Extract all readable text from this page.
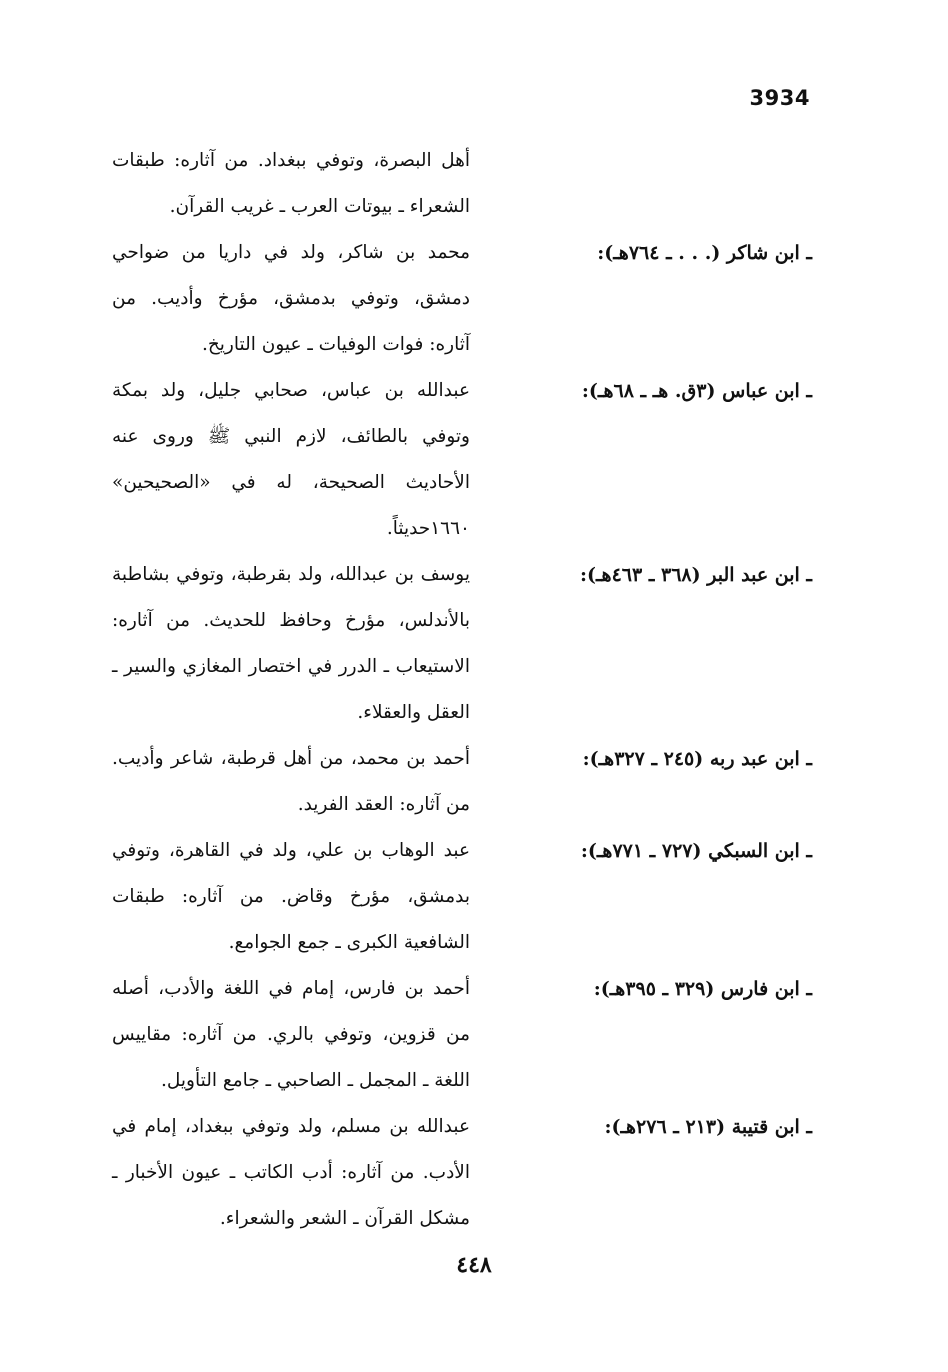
3934
أهل البصرة، وتوفي ببغداد. من آثاره: طبقات الشعراء ـ بيوتات العرب ـ غريب القرآن.
ـ ابن شاكر (. . . ـ ٧٦٤هـ):
محمد بن شاكر، ولد في داريا من ضواحي دمشق، وتوفي بدمشق، مؤرخ وأديب. من آثاره: فوات الوفيات ـ عيون التاريخ.
ـ ابن عباس (٣ق. هـ ـ ٦٨هـ):
عبدالله بن عباس، صحابي جليل، ولد بمكة وتوفي بالطائف، لازم النبي ﷺ وروى عنه الأحاديث الصحيحة، له في «الصحيحين» ١٦٦٠حديثاً.
ـ ابن عبد البر (٣٦٨ ـ ٤٦٣هـ):
يوسف بن عبدالله، ولد بقرطبة، وتوفي بشاطبة بالأندلس، مؤرخ وحافظ للحديث. من آثاره: الاستيعاب ـ الدرر في اختصار المغازي والسير ـ العقل والعقلاء.
ـ ابن عبد ربه (٢٤٥ ـ ٣٢٧هـ):
أحمد بن محمد، من أهل قرطبة، شاعر وأديب. من آثاره: العقد الفريد.
ـ ابن السبكي (٧٢٧ ـ ٧٧١هـ):
عبد الوهاب بن علي، ولد في القاهرة، وتوفي بدمشق، مؤرخ وقاض. من آثاره: طبقات الشافعية الكبرى ـ جمع الجوامع.
ـ ابن فارس (٣٢٩ ـ ٣٩٥هـ):
أحمد بن فارس، إمام في اللغة والأدب، أصله من قزوين، وتوفي بالري. من آثاره: مقاييس اللغة ـ المجمل ـ الصاحبي ـ جامع التأويل.
ـ ابن قتيبة (٢١٣ ـ ٢٧٦هـ):
عبدالله بن مسلم، ولد وتوفي ببغداد، إمام في الأدب. من آثاره: أدب الكاتب ـ عيون الأخبار ـ مشكل القرآن ـ الشعر والشعراء.
٤٤٨
